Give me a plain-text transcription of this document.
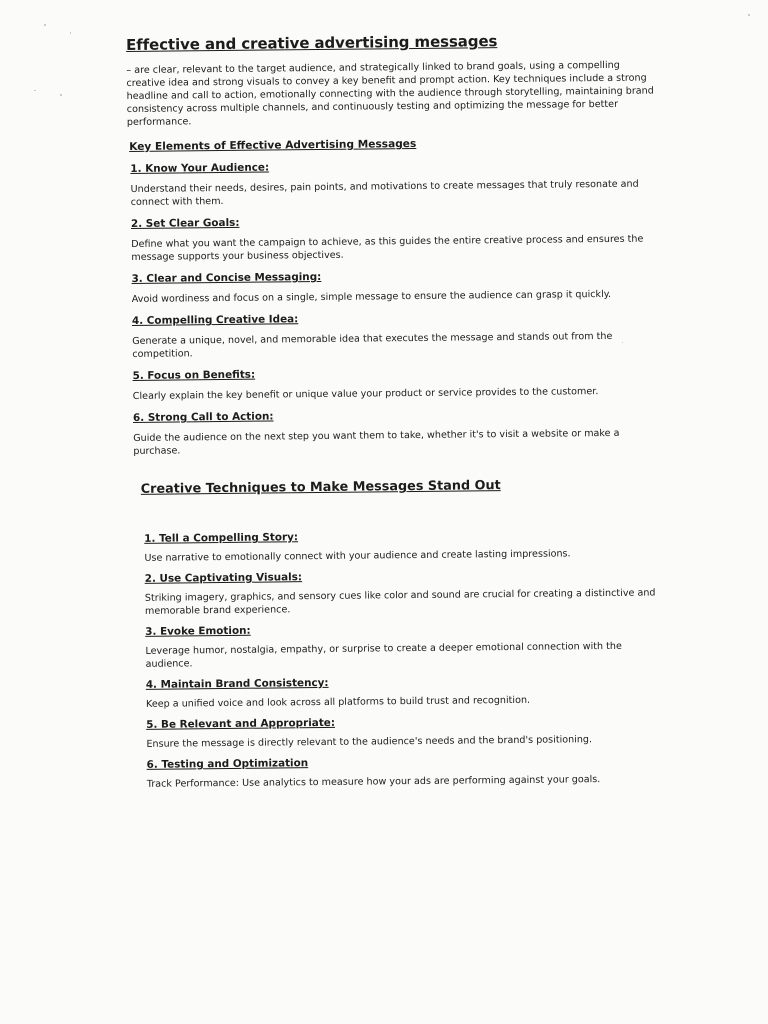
Effective and creative advertising messages

– are clear, relevant to the target audience, and strategically linked to brand goals, using a compelling creative idea and strong visuals to convey a key benefit and prompt action. Key techniques include a strong headline and call to action, emotionally connecting with the audience through storytelling, maintaining brand consistency across multiple channels, and continuously testing and optimizing the message for better performance.

Key Elements of Effective Advertising Messages
1. Know Your Audience:

Understand their needs, desires, pain points, and motivations to create messages that truly resonate and connect with them.

2. Set Clear Goals:

Define what you want the campaign to achieve, as this guides the entire creative process and ensures the message supports your business objectives.

3. Clear and Concise Messaging:

Avoid wordiness and focus on a single, simple message to ensure the audience can grasp it quickly.

4. Compelling Creative Idea:

Generate a unique, novel, and memorable idea that executes the message and stands out from the competition.

5. Focus on Benefits:

Clearly explain the key benefit or unique value your product or service provides to the customer.

6. Strong Call to Action:

Guide the audience on the next step you want them to take, whether it's to visit a website or make a purchase.

Creative Techniques to Make Messages Stand Out
1. Tell a Compelling Story:

Use narrative to emotionally connect with your audience and create lasting impressions.

2. Use Captivating Visuals:

Striking imagery, graphics, and sensory cues like color and sound are crucial for creating a distinctive and memorable brand experience.

3. Evoke Emotion:

Leverage humor, nostalgia, empathy, or surprise to create a deeper emotional connection with the audience.

4. Maintain Brand Consistency:

Keep a unified voice and look across all platforms to build trust and recognition.

5. Be Relevant and Appropriate:

Ensure the message is directly relevant to the audience's needs and the brand's positioning.

6. Testing and Optimization

Track Performance: Use analytics to measure how your ads are performing against your goals.
